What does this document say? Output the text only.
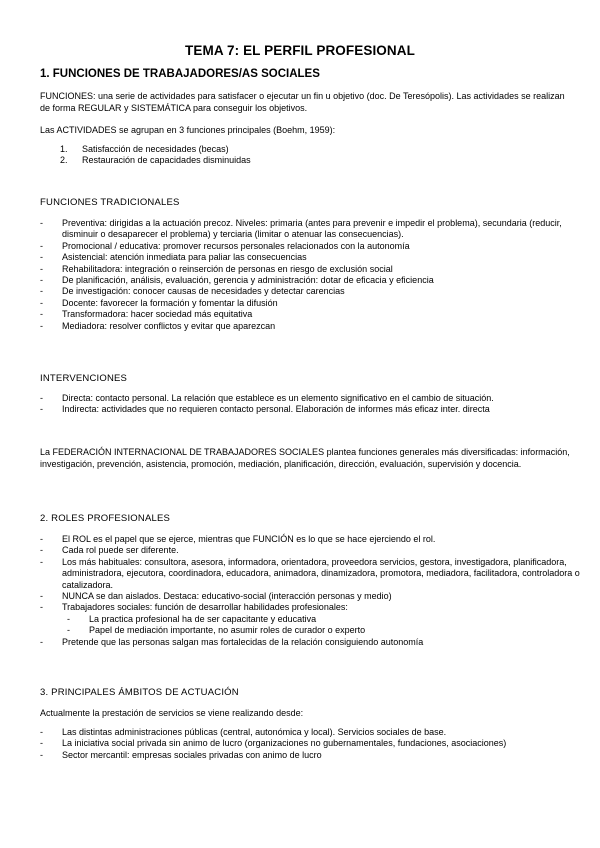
TEMA 7: EL PERFIL PROFESIONAL
1. FUNCIONES DE TRABAJADORES/AS SOCIALES
FUNCIONES: una serie de actividades para satisfacer o ejecutar un fin u objetivo (doc. De Teresópolis). Las actividades se realizan de forma REGULAR y SISTEMÁTICA para conseguir los objetivos.
Las ACTIVIDADES se agrupan en 3 funciones principales (Boehm, 1959):
1. Satisfacción de necesidades (becas)
2. Restauración de capacidades disminuidas
FUNCIONES TRADICIONALES
- Preventiva: dirigidas a la actuación precoz. Niveles: primaria (antes para prevenir e impedir el problema), secundaria (reducir, disminuir o desaparecer el problema) y terciaria (limitar o atenuar las consecuencias).
- Promocional / educativa: promover recursos personales relacionados con la autonomía
- Asistencial: atención inmediata para paliar las consecuencias
- Rehabilitadora: integración o reinserción de personas en riesgo de exclusión social
- De planificación, análisis, evaluación, gerencia y administración: dotar de eficacia y eficiencia
- De investigación: conocer causas de necesidades y detectar carencias
- Docente: favorecer la formación y fomentar la difusión
- Transformadora: hacer sociedad más equitativa
- Mediadora: resolver conflictos y evitar que aparezcan
INTERVENCIONES
- Directa: contacto personal. La relación que establece es un elemento significativo en el cambio de situación.
- Indirecta: actividades que no requieren contacto personal. Elaboración de informes más eficaz inter. directa
La FEDERACIÓN INTERNACIONAL DE TRABAJADORES SOCIALES plantea funciones generales más diversificadas: información, investigación, prevención, asistencia, promoción, mediación, planificación, dirección, evaluación, supervisión y docencia.
2. ROLES PROFESIONALES
- El ROL es el papel que se ejerce, mientras que FUNCIÓN es lo que se hace ejerciendo el rol.
- Cada rol puede ser diferente.
- Los más habituales: consultora, asesora, informadora, orientadora, proveedora servicios, gestora, investigadora, planificadora, administradora, ejecutora, coordinadora, educadora, animadora, dinamizadora, promotora, mediadora, facilitadora, controladora o catalizadora.
- NUNCA se dan aislados. Destaca: educativo-social (interacción personas y medio)
- Trabajadores sociales: función de desarrollar habilidades profesionales:
- La practica profesional ha de ser capacitante y educativa
- Papel de mediación importante, no asumir roles de curador o experto
- Pretende que las personas salgan mas fortalecidas de la relación consiguiendo autonomía
3. PRINCIPALES ÁMBITOS DE ACTUACIÓN
Actualmente la prestación de servicios se viene realizando desde:
- Las distintas administraciones públicas (central, autonómica y local). Servicios sociales de base.
- La iniciativa social privada sin animo de lucro (organizaciones no gubernamentales, fundaciones, asociaciones)
- Sector mercantil: empresas sociales privadas con animo de lucro
